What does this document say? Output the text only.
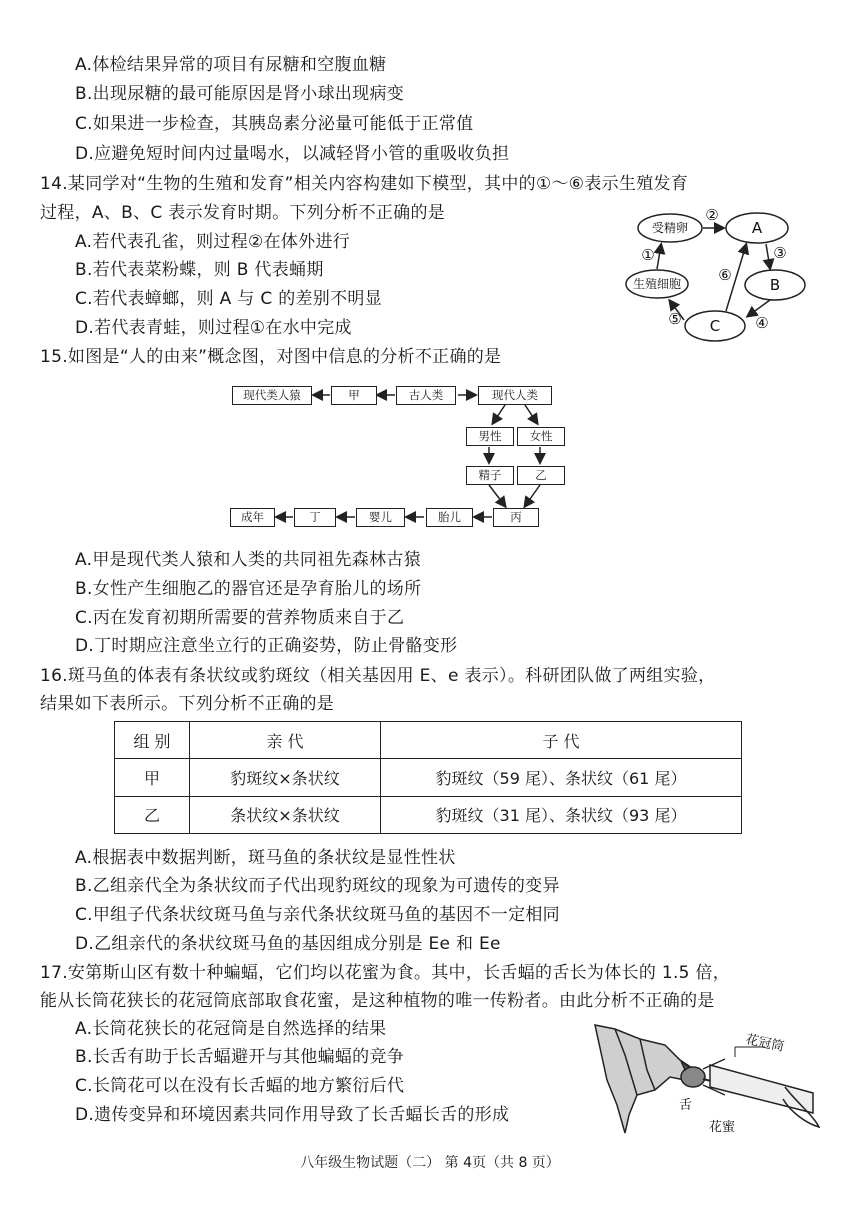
A.体检结果异常的项目有尿糖和空腹血糖
B.出现尿糖的最可能原因是肾小球出现病变
C.如果进一步检查，其胰岛素分泌量可能低于正常值
D.应避免短时间内过量喝水，以减轻肾小管的重吸收负担
14.某同学对“生物的生殖和发育”相关内容构建如下模型，其中的①～⑥表示生殖发育
过程，A、B、C 表示发育时期。下列分析不正确的是
A.若代表孔雀，则过程②在体外进行
B.若代表菜粉蝶，则 B 代表蛹期
C.若代表蟑螂，则 A 与 C 的差别不明显
D.若代表青蛙，则过程①在水中完成
受精卵	A
B
C
生殖细胞
①
②
③
④
⑤
⑥
15.如图是“人的由来”概念图，对图中信息的分析不正确的是
现代类人猿	甲	古人类	现代人类
男性	女性
精子	乙
丙
胎儿
婴儿
丁
成年
A.甲是现代类人猿和人类的共同祖先森林古猿
B.女性产生细胞乙的器官还是孕育胎儿的场所
C.丙在发育初期所需要的营养物质来自于乙
D.丁时期应注意坐立行的正确姿势，防止骨骼变形
16.斑马鱼的体表有条状纹或豹斑纹（相关基因用 E、e 表示）。科研团队做了两组实验，
结果如下表所示。下列分析不正确的是
组 别	亲 代	子 代
甲	豹斑纹×条状纹	豹斑纹（59 尾）、条状纹（61 尾）
乙	条状纹×条状纹	豹斑纹（31 尾）、条状纹（93 尾）
A.根据表中数据判断，斑马鱼的条状纹是显性性状
B.乙组亲代全为条状纹而子代出现豹斑纹的现象为可遗传的变异
C.甲组子代条状纹斑马鱼与亲代条状纹斑马鱼的基因不一定相同
D.乙组亲代的条状纹斑马鱼的基因组成分别是 Ee 和 Ee
17.安第斯山区有数十种蝙蝠，它们均以花蜜为食。其中，长舌蝠的舌长为体长的 1.5 倍，
能从长筒花狭长的花冠筒底部取食花蜜，是这种植物的唯一传粉者。由此分析不正确的是
A.长筒花狭长的花冠筒是自然选择的结果
B.长舌有助于长舌蝠避开与其他蝙蝠的竞争
C.长筒花可以在没有长舌蝠的地方繁衍后代
D.遗传变异和环境因素共同作用导致了长舌蝠长舌的形成
花冠筒
舌
花蜜
八年级生物试题（二） 第 4页（共 8 页）
